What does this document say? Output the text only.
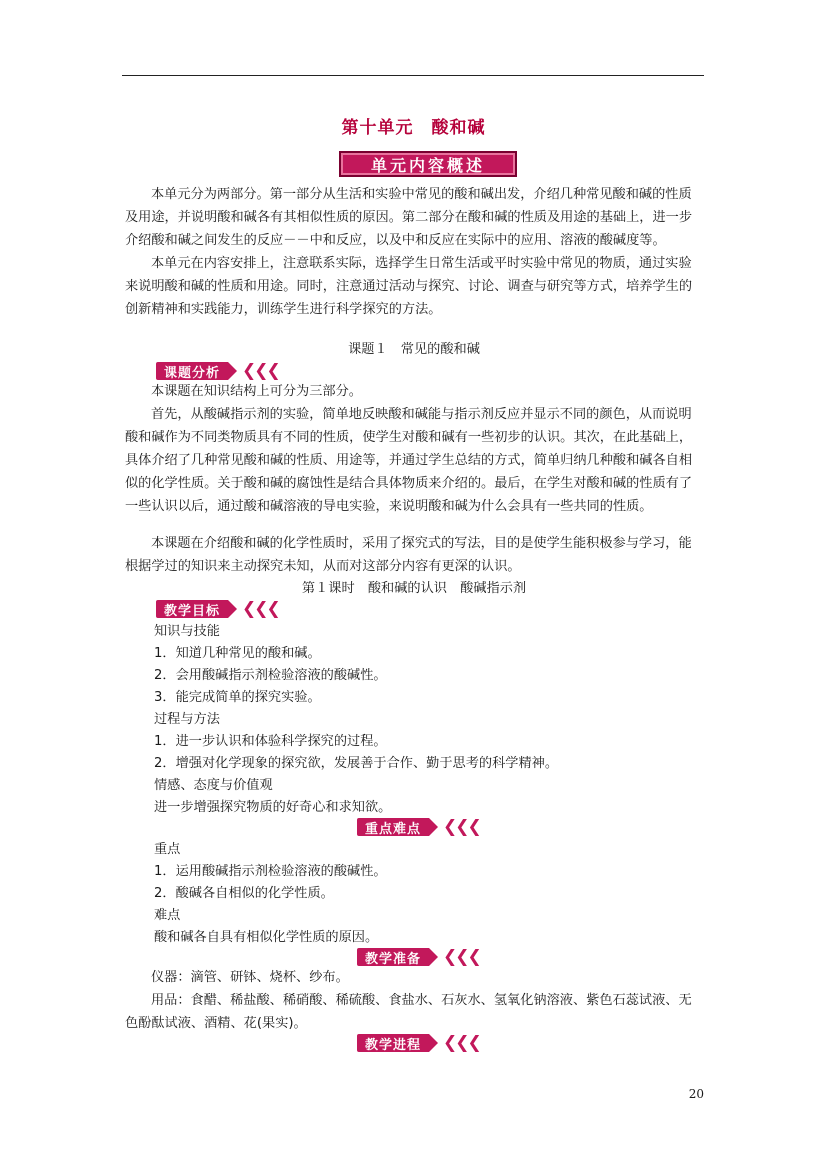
第十单元 酸和碱
单元内容概述

本单元分为两部分。第一部分从生活和实验中常见的酸和碱出发，介绍几种常见酸和碱的性质及用途，并说明酸和碱各有其相似性质的原因。第二部分在酸和碱的性质及用途的基础上，进一步介绍酸和碱之间发生的反应－－中和反应，以及中和反应在实际中的应用、溶液的酸碱度等。

本单元在内容安排上，注意联系实际，选择学生日常生活或平时实验中常见的物质，通过实验来说明酸和碱的性质和用途。同时，注意通过活动与探究、讨论、调查与研究等方式，培养学生的创新精神和实践能力，训练学生进行科学探究的方法。

课题１　常见的酸和碱
课题分析	❮❮❮

本课题在知识结构上可分为三部分。

首先，从酸碱指示剂的实验，简单地反映酸和碱能与指示剂反应并显示不同的颜色，从而说明酸和碱作为不同类物质具有不同的性质，使学生对酸和碱有一些初步的认识。其次，在此基础上，具体介绍了几种常见酸和碱的性质、用途等，并通过学生总结的方式，简单归纳几种酸和碱各自相似的化学性质。关于酸和碱的腐蚀性是结合具体物质来介绍的。最后，在学生对酸和碱的性质有了一些认识以后，通过酸和碱溶液的导电实验，来说明酸和碱为什么会具有一些共同的性质。

本课题在介绍酸和碱的化学性质时，采用了探究式的写法，目的是使学生能积极参与学习，能根据学过的知识来主动探究未知，从而对这部分内容有更深的认识。

第１课时　酸和碱的认识　酸碱指示剂
教学目标	❮❮❮
知识与技能
1．知道几种常见的酸和碱。
2．会用酸碱指示剂检验溶液的酸碱性。
3．能完成简单的探究实验。
过程与方法
1．进一步认识和体验科学探究的过程。
2．增强对化学现象的探究欲，发展善于合作、勤于思考的科学精神。
情感、态度与价值观
进一步增强探究物质的好奇心和求知欲。
重点难点	❮❮❮
重点
1．运用酸碱指示剂检验溶液的酸碱性。
2．酸碱各自相似的化学性质。
难点
酸和碱各自具有相似化学性质的原因。
教学准备	❮❮❮

仪器：滴管、研钵、烧杯、纱布。

用品：食醋、稀盐酸、稀硝酸、稀硫酸、食盐水、石灰水、氢氧化钠溶液、紫色石蕊试液、无色酚酞试液、酒精、花(果实)。

教学进程	❮❮❮
20
